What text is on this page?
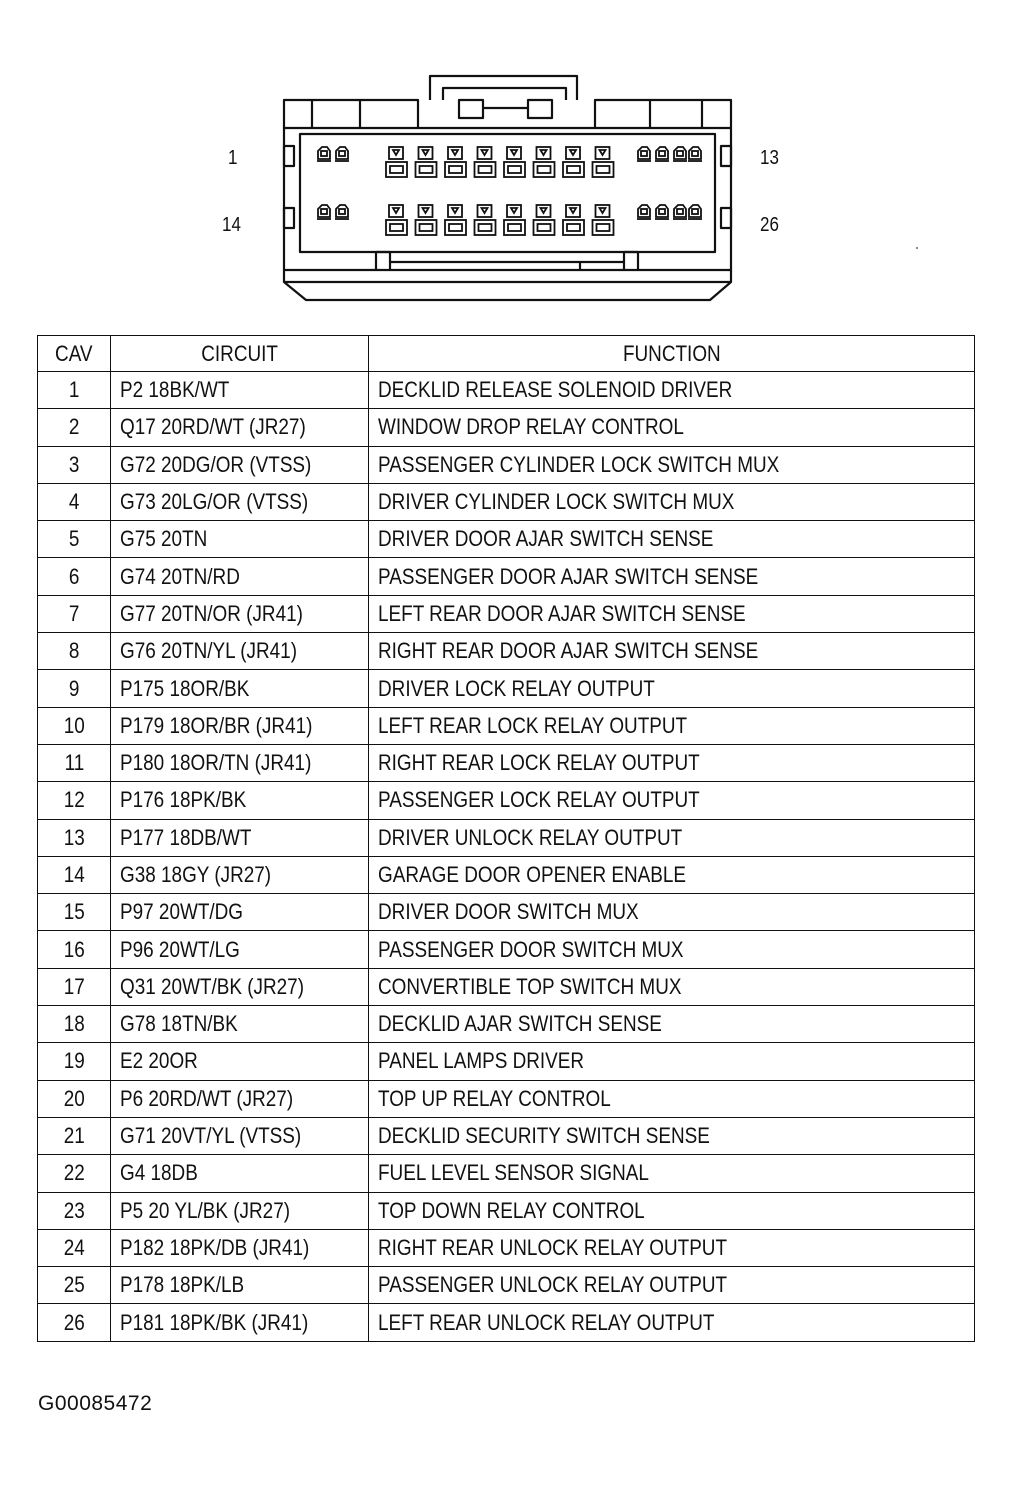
1	13
14	26
CAV	CIRCUIT	FUNCTION
1	P2 18BK/WT	DECKLID RELEASE SOLENOID DRIVER
2	Q17 20RD/WT (JR27)	WINDOW DROP RELAY CONTROL
3	G72 20DG/OR (VTSS)	PASSENGER CYLINDER LOCK SWITCH MUX
4	G73 20LG/OR (VTSS)	DRIVER CYLINDER LOCK SWITCH MUX
5	G75 20TN	DRIVER DOOR AJAR SWITCH SENSE
6	G74 20TN/RD	PASSENGER DOOR AJAR SWITCH SENSE
7	G77 20TN/OR (JR41)	LEFT REAR DOOR AJAR SWITCH SENSE
8	G76 20TN/YL (JR41)	RIGHT REAR DOOR AJAR SWITCH SENSE
9	P175 18OR/BK	DRIVER LOCK RELAY OUTPUT
10	P179 18OR/BR (JR41)	LEFT REAR LOCK RELAY OUTPUT
11	P180 18OR/TN (JR41)	RIGHT REAR LOCK RELAY OUTPUT
12	P176 18PK/BK	PASSENGER LOCK RELAY OUTPUT
13	P177 18DB/WT	DRIVER UNLOCK RELAY OUTPUT
14	G38 18GY (JR27)	GARAGE DOOR OPENER ENABLE
15	P97 20WT/DG	DRIVER DOOR SWITCH MUX
16	P96 20WT/LG	PASSENGER DOOR SWITCH MUX
17	Q31 20WT/BK (JR27)	CONVERTIBLE TOP SWITCH MUX
18	G78 18TN/BK	DECKLID AJAR SWITCH SENSE
19	E2 20OR	PANEL LAMPS DRIVER
20	P6 20RD/WT (JR27)	TOP UP RELAY CONTROL
21	G71 20VT/YL (VTSS)	DECKLID SECURITY SWITCH SENSE
22	G4 18DB	FUEL LEVEL SENSOR SIGNAL
23	P5 20 YL/BK (JR27)	TOP DOWN RELAY CONTROL
24	P182 18PK/DB (JR41)	RIGHT REAR UNLOCK RELAY OUTPUT
25	P178 18PK/LB	PASSENGER UNLOCK RELAY OUTPUT
26	P181 18PK/BK (JR41)	LEFT REAR UNLOCK RELAY OUTPUT
G00085472
